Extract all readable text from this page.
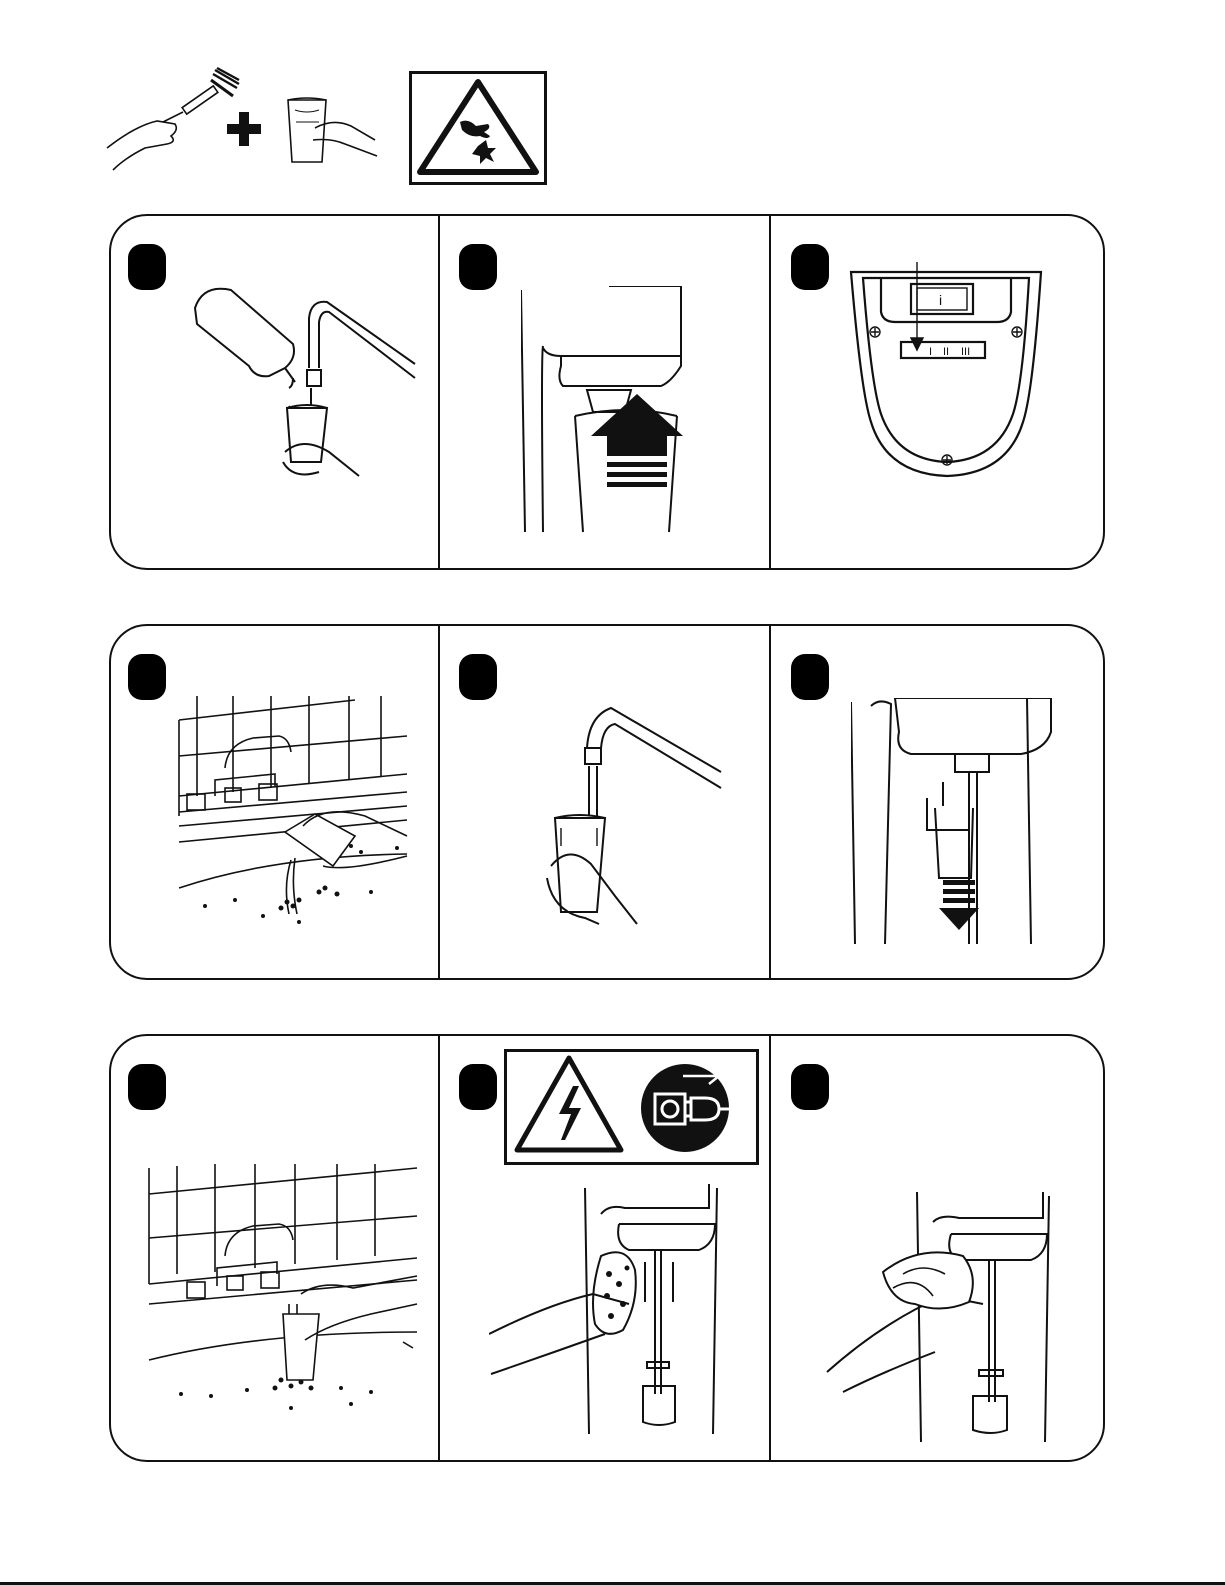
i
I II III
